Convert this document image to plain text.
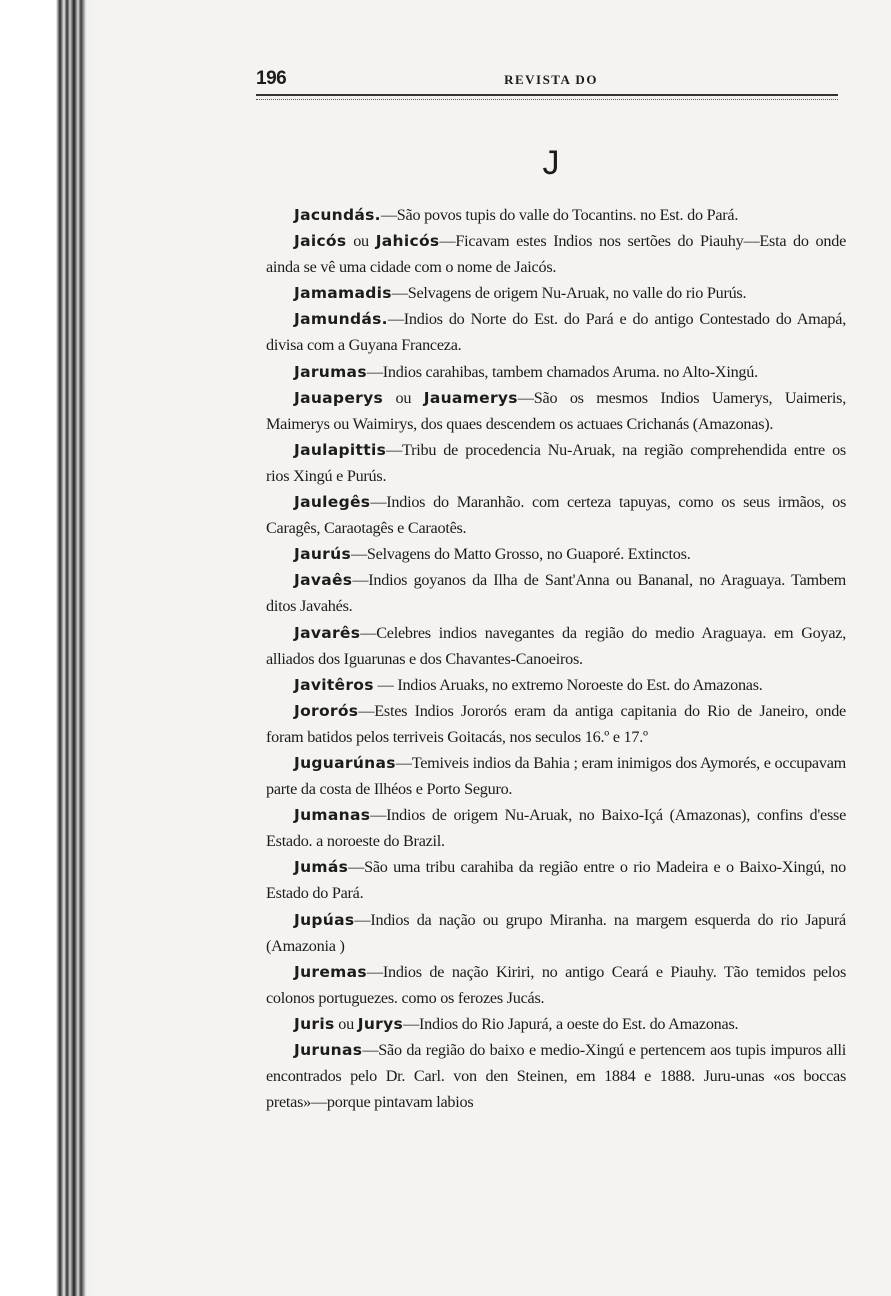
196	REVISTA DO
J

Jacundás.—São povos tupis do valle do Tocantins. no Est. do Pará.

Jaicós ou Jahicós—Ficavam estes Indios nos sertões do Piauhy—Esta do onde ainda se vê uma cidade com o nome de Jaicós.

Jamamadis—Selvagens de origem Nu-Aruak, no valle do rio Purús.

Jamundás.—Indios do Norte do Est. do Pará e do antigo Contestado do Amapá, divisa com a Guyana Franceza.

Jarumas—Indios carahibas, tambem chamados Aruma. no Alto-Xingú.

Jauaperys ou Jauamerys—São os mesmos Indios Uamerys, Uaimeris, Maimerys ou Waimirys, dos quaes descendem os actuaes Crichanás (Amazonas).

Jaulapittis—Tribu de procedencia Nu-Aruak, na região comprehendida entre os rios Xingú e Purús.

Jaulegês—Indios do Maranhão. com certeza tapuyas, como os seus irmãos, os Caragês, Caraotagês e Caraotês.

Jaurús—Selvagens do Matto Grosso, no Guaporé. Extinctos.

Javaês—Indios goyanos da Ilha de Sant'Anna ou Bananal, no Araguaya. Tambem ditos Javahés.

Javarês—Celebres indios navegantes da região do medio Araguaya. em Goyaz, alliados dos Iguarunas e dos Chavantes-Canoeiros.

Javitêros — Indios Aruaks, no extremo Noroeste do Est. do Amazonas.

Jororós—Estes Indios Jororós eram da antiga capitania do Rio de Janeiro, onde foram batidos pelos terriveis Goitacás, nos seculos 16.º e 17.º

Juguarúnas—Temiveis indios da Bahia ; eram inimigos dos Aymorés, e occupavam parte da costa de Ilhéos e Porto Seguro.

Jumanas—Indios de origem Nu-Aruak, no Baixo-Içá (Amazonas), confins d'esse Estado. a noroeste do Brazil.

Jumás—São uma tribu carahiba da região entre o rio Madeira e o Baixo-Xingú, no Estado do Pará.

Jupúas—Indios da nação ou grupo Miranha. na margem esquerda do rio Japurá (Amazonia )

Juremas—Indios de nação Kiriri, no antigo Ceará e Piauhy. Tão temidos pelos colonos portuguezes. como os ferozes Jucás.

Juris ou Jurys—Indios do Rio Japurá, a oeste do Est. do Amazonas.

Jurunas—São da região do baixo e medio-Xingú e pertencem aos tupis impuros alli encontrados pelo Dr. Carl. von den Steinen, em 1884 e 1888. Juru-unas «os boccas pretas»—porque pintavam labios
